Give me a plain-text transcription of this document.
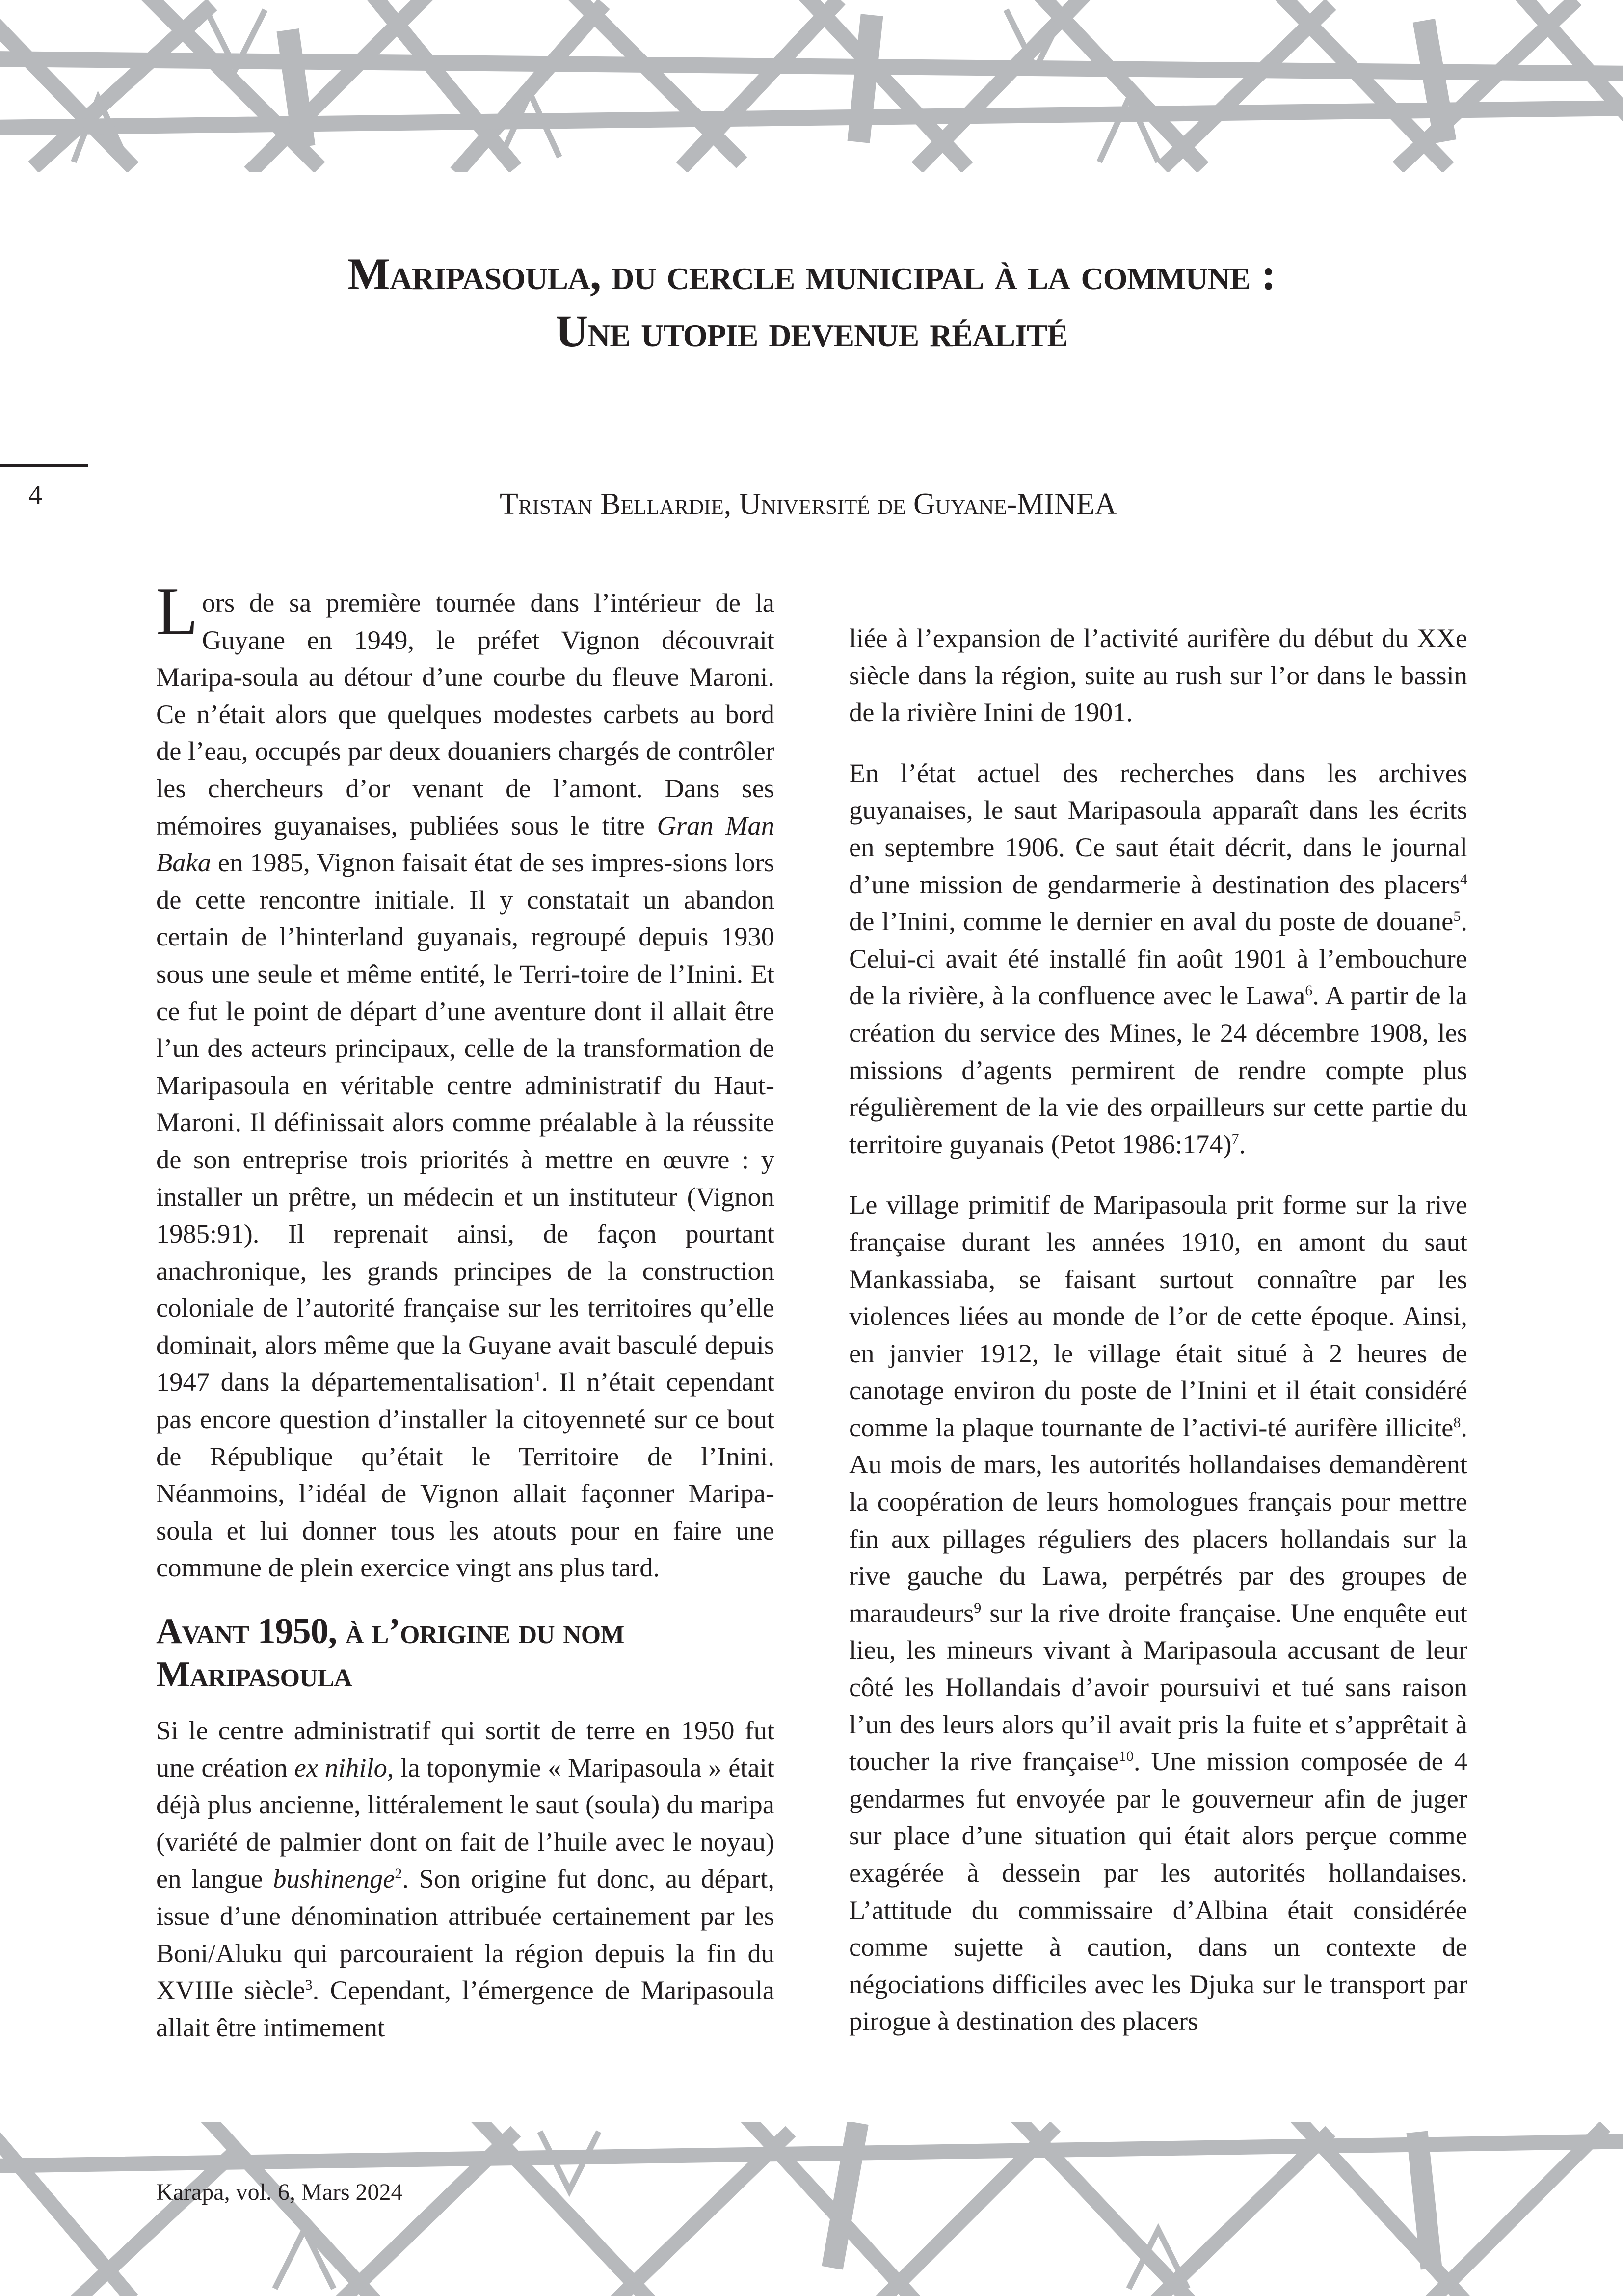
Maripasoula, du cercle municipal à la commune :
Une utopie devenue réalité
4	Tristan Bellardie, Université de Guyane-MINEA

Lors de sa première tournée dans l’intérieur de la Guyane en 1949, le préfet Vignon découvrait Maripa-soula au détour d’une courbe du fleuve Maroni. Ce n’était alors que quelques modestes carbets au bord de l’eau, occupés par deux douaniers chargés de contrôler les chercheurs d’or venant de l’amont. Dans ses mémoires guyanaises, publiées sous le titre Gran Man Baka en 1985, Vignon faisait état de ses impres-sions lors de cette rencontre initiale. Il y constatait un abandon certain de l’hinterland guyanais, regroupé depuis 1930 sous une seule et même entité, le Terri-toire de l’Inini. Et ce fut le point de départ d’une aventure dont il allait être l’un des acteurs principaux, celle de la transformation de Maripasoula en véritable centre administratif du Haut-Maroni. Il définissait alors comme préalable à la réussite de son entreprise trois priorités à mettre en œuvre : y installer un prêtre, un médecin et un instituteur (Vignon 1985:91). Il reprenait ainsi, de façon pourtant anachronique, les grands principes de la construction coloniale de l’autorité française sur les territoires qu’elle dominait, alors même que la Guyane avait basculé depuis 1947 dans la départementalisation$^1$. Il n’était cependant pas encore question d’installer la citoyenneté sur ce bout de République qu’était le Territoire de l’Inini. Néanmoins, l’idéal de Vignon allait façonner Maripa-soula et lui donner tous les atouts pour en faire une commune de plein exercice vingt ans plus tard.

Avant 1950, à l’origine du nom Maripasoula

Si le centre administratif qui sortit de terre en 1950 fut une création ex nihilo, la toponymie « Maripasoula » était déjà plus ancienne, littéralement le saut (soula) du maripa (variété de palmier dont on fait de l’huile avec le noyau) en langue bushinenge$^2$. Son origine fut donc, au départ, issue d’une dénomination attribuée certainement par les Boni/Aluku qui parcouraient la région depuis la fin du XVIIIe siècle$^3$. Cependant, l’émergence de Maripasoula allait être intimement

liée à l’expansion de l’activité aurifère du début du XXe siècle dans la région, suite au rush sur l’or dans le bassin de la rivière Inini de 1901.

En l’état actuel des recherches dans les archives guyanaises, le saut Maripasoula apparaît dans les écrits en septembre 1906. Ce saut était décrit, dans le journal d’une mission de gendarmerie à destination des placers$^4$ de l’Inini, comme le dernier en aval du poste de douane$^5$. Celui-ci avait été installé fin août 1901 à l’embouchure de la rivière, à la confluence avec le Lawa$^6$. A partir de la création du service des Mines, le 24 décembre 1908, les missions d’agents permirent de rendre compte plus régulièrement de la vie des orpailleurs sur cette partie du territoire guyanais (Petot 1986:174)$^7$.

Le village primitif de Maripasoula prit forme sur la rive française durant les années 1910, en amont du saut Mankassiaba, se faisant surtout connaître par les violences liées au monde de l’or de cette époque. Ainsi, en janvier 1912, le village était situé à 2 heures de canotage environ du poste de l’Inini et il était considéré comme la plaque tournante de l’activi-té aurifère illicite$^8$. Au mois de mars, les autorités hollandaises demandèrent la coopération de leurs homologues français pour mettre fin aux pillages réguliers des placers hollandais sur la rive gauche du Lawa, perpétrés par des groupes de maraudeurs$^9$ sur la rive droite française. Une enquête eut lieu, les mineurs vivant à Maripasoula accusant de leur côté les Hollandais d’avoir poursuivi et tué sans raison l’un des leurs alors qu’il avait pris la fuite et s’apprêtait à toucher la rive française$^{10}$. Une mission composée de 4 gendarmes fut envoyée par le gouverneur afin de juger sur place d’une situation qui était alors perçue comme exagérée à dessein par les autorités hollandaises. L’attitude du commissaire d’Albina était considérée comme sujette à caution, dans un contexte de négociations difficiles avec les Djuka sur le transport par pirogue à destination des placers

Karapa, vol. 6, Mars 2024
